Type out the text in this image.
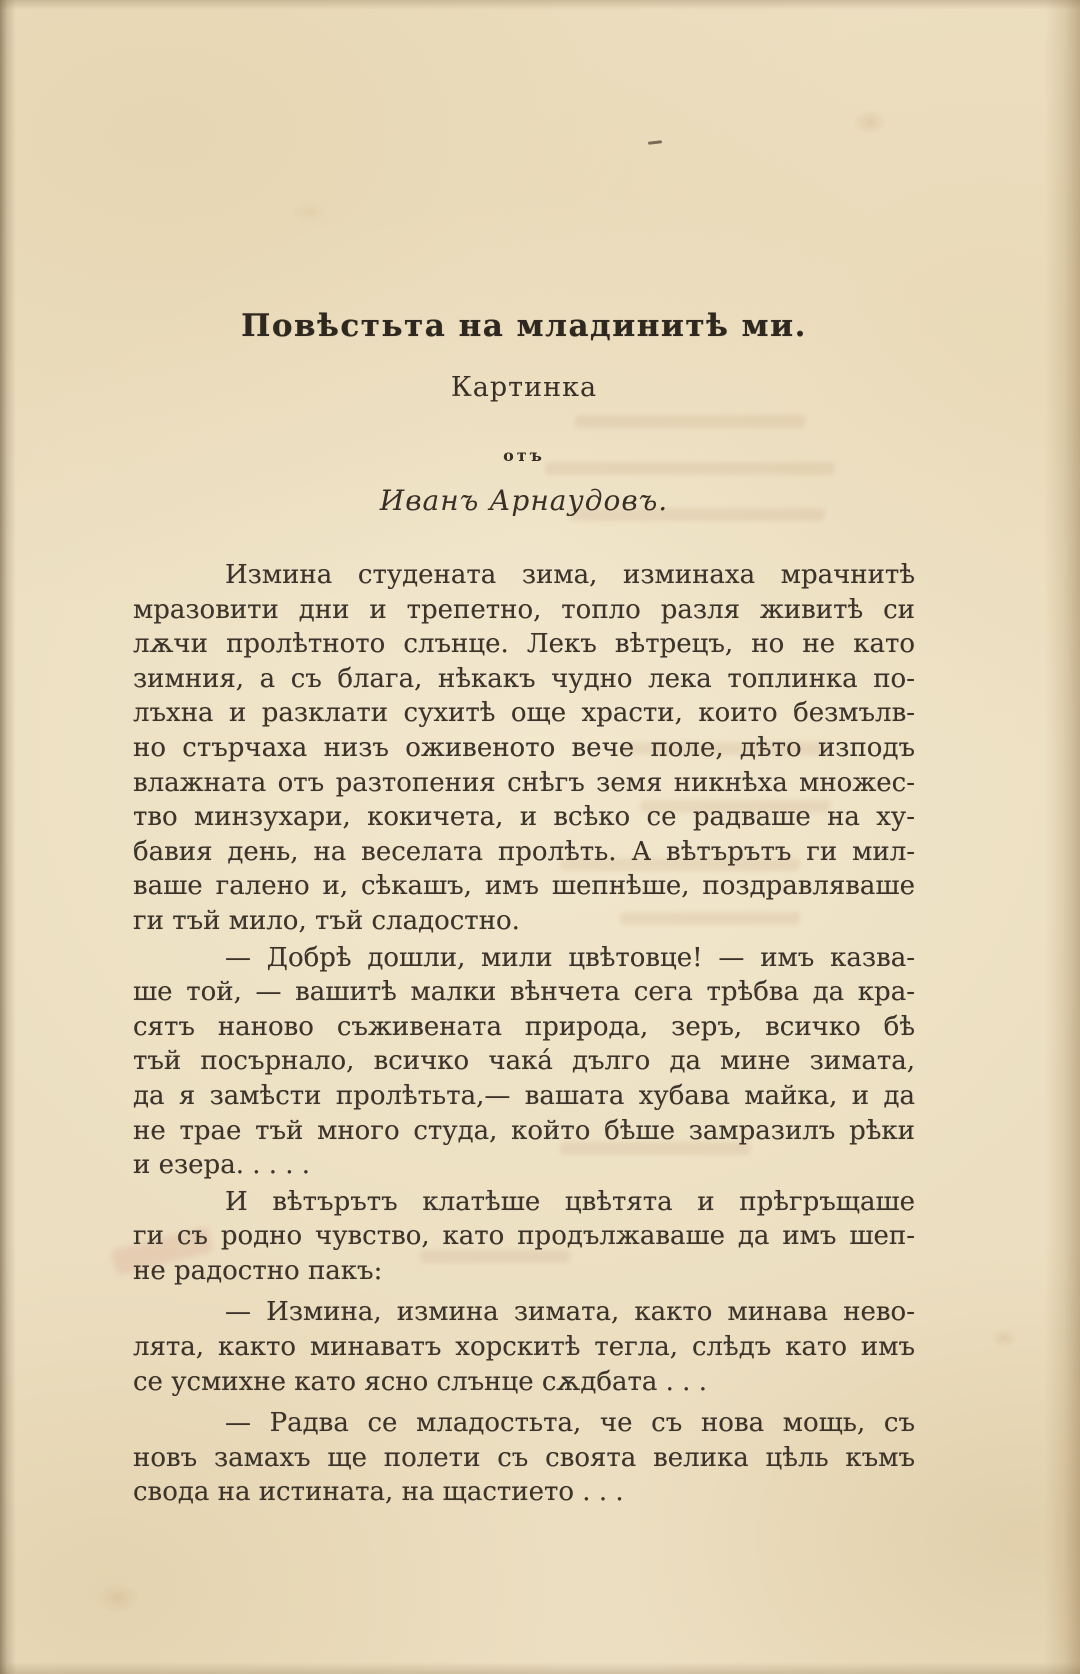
Повѣстьта на младинитѣ ми.
Картинка
отъ
Иванъ Арнаудовъ.
Измина студената зима, изминаха мрачнитѣ
мразовити дни и трепетно, топло разля живитѣ си
лѫчи пролѣтното слънце. Лекъ вѣтрецъ, но не като
зимния, а съ блага, нѣкакъ чудно лека топлинка по-
лъхна и разклати сухитѣ още храсти, които безмълв-
но стърчаха низъ оживеното вече поле, дѣто изподъ
влажната отъ разтопения снѣгъ земя никнѣха множес-
тво минзухари, кокичета, и всѣко се радваше на ху-
бавия день, на веселата пролѣть. А вѣтърътъ ги мил-
ваше галено и, сѣкашъ, имъ шепнѣше, поздравляваше
ги тъй мило, тъй сладостно.
— Добрѣ дошли, мили цвѣтовце! — имъ казва-
ше той, — вашитѣ малки вѣнчета сега трѣбва да кра-
сятъ наново съживената природа, зеръ, всичко бѣ
тъй посърнало, всичко чакá дълго да мине зимата,
да я замѣсти пролѣтьта,— вашата хубава майка, и да
не трае тъй много студа, който бѣше замразилъ рѣки
и езера. . . . .
И вѣтърътъ клатѣше цвѣтята и прѣгръщаше
ги съ родно чувство, като продължаваше да имъ шеп-
не радостно пакъ:
— Измина, измина зимата, както минава нево-
лята, както минаватъ хорскитѣ тегла, слѣдъ като имъ
се усмихне като ясно слънце сѫдбата . . .
— Радва се младостьта, че съ нова мощь, съ
новъ замахъ ще полети съ своята велика цѣль къмъ
свода на истината, на щастието . . .
